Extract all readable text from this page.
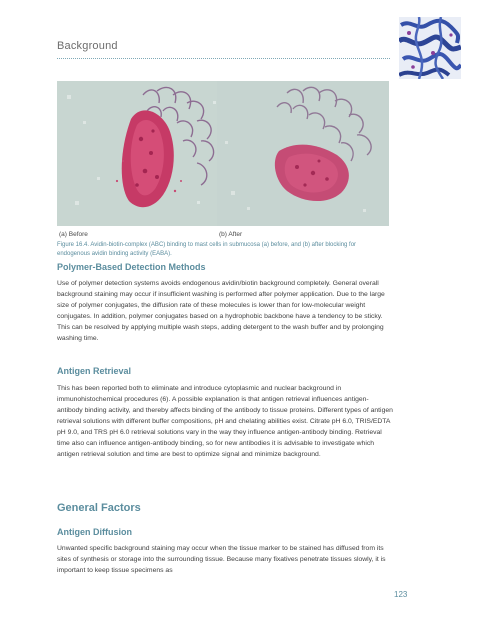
Background
(a) Before	(b) After
Figure 16.4. Avidin-biotin-complex (ABC) binding to mast cells in submucosa (a) before, and (b) after blocking for endogenous avidin binding activity (EABA).
Polymer-Based Detection Methods

Use of polymer detection systems avoids endogenous avidin/biotin background completely. General overall background staining may occur if insufficient washing is performed after polymer application. Due to the large size of polymer conjugates, the diffusion rate of these molecules is lower than for low-molecular weight conjugates. In addition, polymer conjugates based on a hydrophobic backbone have a tendency to be sticky. This can be resolved by applying multiple wash steps, adding detergent to the wash buffer and by prolonging washing time.

Antigen Retrieval

This has been reported both to eliminate and introduce cytoplasmic and nuclear background in immunohistochemical procedures (6). A possible explanation is that antigen retrieval influences antigen-antibody binding activity, and thereby affects binding of the antibody to tissue proteins. Different types of antigen retrieval solutions with different buffer compositions, pH and chelating abilities exist. Citrate pH 6.0, TRIS/EDTA pH 9.0, and TRS pH 6.0 retrieval solutions vary in the way they influence antigen-antibody binding. Retrieval time also can influence antigen-antibody binding, so for new antibodies it is advisable to investigate which antigen retrieval solution and time are best to optimize signal and minimize background.

General Factors
Antigen Diffusion

Unwanted specific background staining may occur when the tissue marker to be stained has diffused from its sites of synthesis or storage into the surrounding tissue. Because many fixatives penetrate tissues slowly, it is important to keep tissue specimens as

123
